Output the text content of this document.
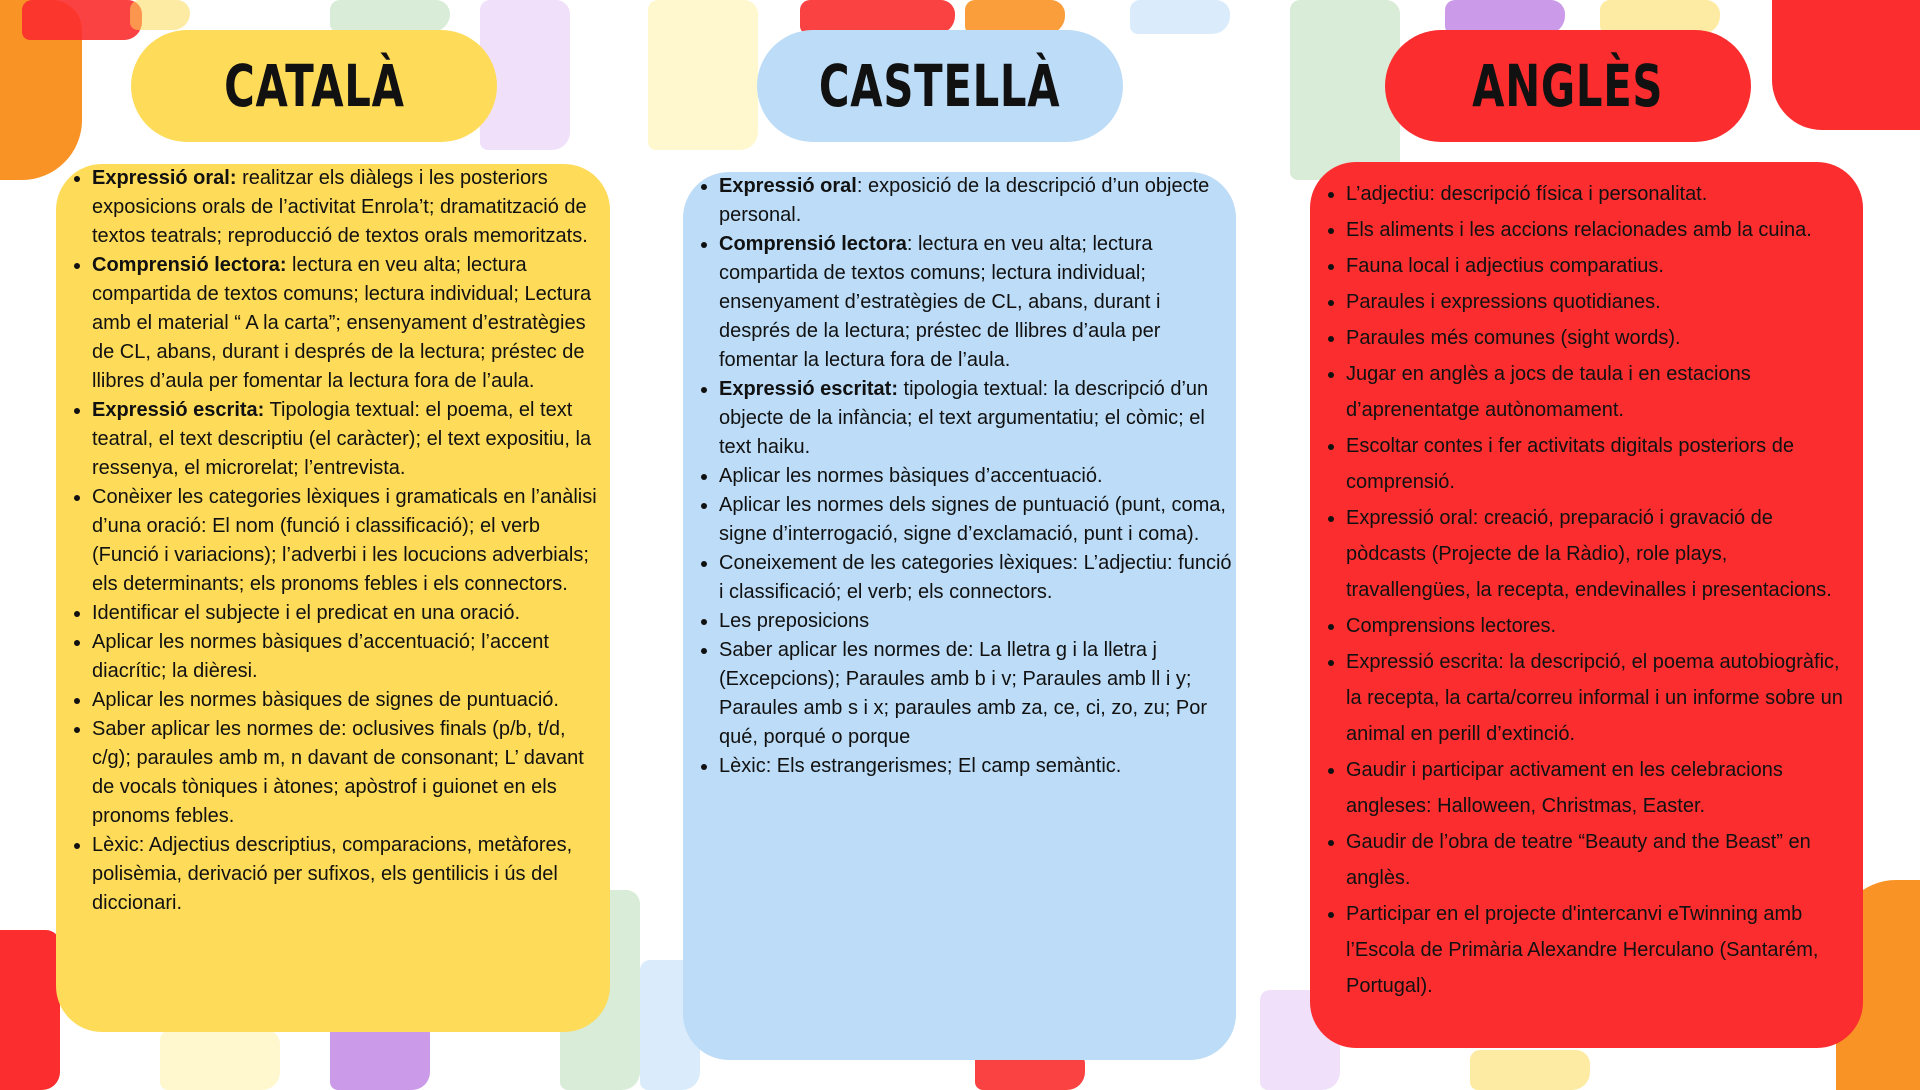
CATALÀ	CASTELLÀ	ANGLÈS
• Expressió oral: realitzar els diàlegs i les posteriors exposicions orals de l’activitat Enrola’t; dramatització de textos teatrals; reproducció de textos orals memoritzats.
• Comprensió lectora: lectura en veu alta; lectura compartida de textos comuns; lectura individual; Lectura amb el material “ A la carta”; ensenyament d’estratègies de CL, abans, durant i després de la lectura; préstec de llibres d’aula per fomentar la lectura fora de l’aula.
• Expressió escrita: Tipologia textual: el poema, el text teatral, el text descriptiu (el caràcter); el text expositiu, la ressenya, el microrelat; l’entrevista.
• Conèixer les categories lèxiques i gramaticals en l’anàlisi d’una oració: El nom (funció i classificació); el verb (Funció i variacions); l’adverbi i les locucions adverbials; els determinants; els pronoms febles i els connectors.
• Identificar el subjecte i el predicat en una oració.
• Aplicar les normes bàsiques d’accentuació; l’accent diacrític; la dièresi.
• Aplicar les normes bàsiques de signes de puntuació.
• Saber aplicar les normes de: oclusives finals (p/b, t/d, c/g); paraules amb m, n davant de consonant; L’ davant de vocals tòniques i àtones; apòstrof i guionet en els pronoms febles.
• Lèxic: Adjectius descriptius, comparacions, metàfores, polisèmia, derivació per sufixos, els gentilicis i ús del diccionari.
• Expressió oral: exposició de la descripció d’un objecte personal.
• Comprensió lectora: lectura en veu alta; lectura compartida de textos comuns; lectura individual; ensenyament d’estratègies de CL, abans, durant i després de la lectura; préstec de llibres d’aula per fomentar la lectura fora de l’aula.
• Expressió escritat: tipologia textual: la descripció d’un objecte de la infància; el text argumentatiu; el còmic; el text haiku.
• Aplicar les normes bàsiques d’accentuació.
• Aplicar les normes dels signes de puntuació (punt, coma, signe d’interrogació, signe d’exclamació, punt i coma).
• Coneixement de les categories lèxiques: L’adjectiu: funció i classificació; el verb; els connectors.
• Les preposicions
• Saber aplicar les normes de: La lletra g i la lletra j (Excepcions); Paraules amb b i v; Paraules amb ll i y; Paraules amb s i x; paraules amb za, ce, ci, zo, zu; Por qué, porqué o porque
• Lèxic: Els estrangerismes; El camp semàntic.
• L’adjectiu: descripció física i personalitat.
• Els aliments i les accions relacionades amb la cuina.
• Fauna local i adjectius comparatius.
• Paraules i expressions quotidianes.
• Paraules més comunes (sight words).
• Jugar en anglès a jocs de taula i en estacions d’aprenentatge autònomament.
• Escoltar contes i fer activitats digitals posteriors de comprensió.
• Expressió oral: creació, preparació i gravació de pòdcasts (Projecte de la Ràdio), role plays, travallengües, la recepta, endevinalles i presentacions.
• Comprensions lectores.
• Expressió escrita: la descripció, el poema autobiogràfic, la recepta, la carta/correu informal i un informe sobre un animal en perill d’extinció.
• Gaudir i participar activament en les celebracions angleses: Halloween, Christmas, Easter.
• Gaudir de l’obra de teatre “Beauty and the Beast” en anglès.
• Participar en el projecte d'intercanvi eTwinning amb l’Escola de Primària Alexandre Herculano (Santarém, Portugal).
